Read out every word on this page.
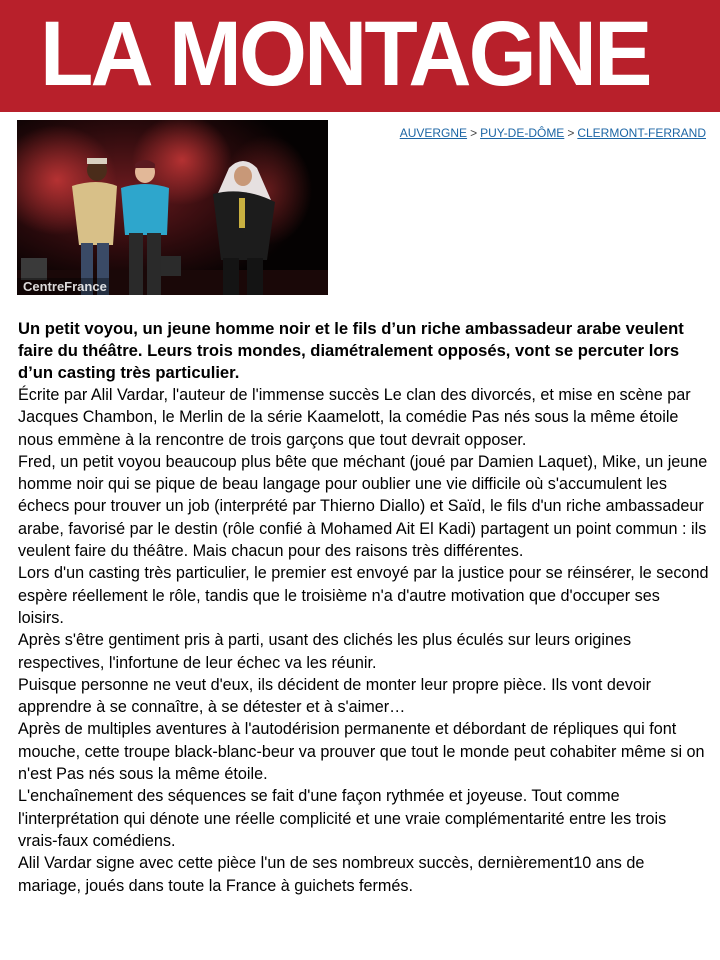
LA MONTAGNE
CentreFrance
AUVERGNE > PUY-DE-DÔME > CLERMONT-FERRAND

Un petit voyou, un jeune homme noir et le fils d’un riche ambassadeur arabe veulent faire du théâtre. Leurs trois mondes, diamétralement opposés, vont se percuter lors d’un casting très particulier.

Écrite par Alil Vardar, l'auteur de l'immense succès Le clan des divorcés, et mise en scène par Jacques Chambon, le Merlin de la série Kaamelott, la comédie Pas nés sous la même étoile nous emmène à la rencontre de trois garçons que tout devrait opposer.

Fred, un petit voyou beaucoup plus bête que méchant (joué par Damien Laquet), Mike, un jeune homme noir qui se pique de beau langage pour oublier une vie difficile où s'accumulent les échecs pour trouver un job (interprété par Thierno Diallo) et Saïd, le fils d'un riche ambassadeur arabe, favorisé par le destin (rôle confié à Mohamed Ait El Kadi) partagent un point commun : ils veulent faire du théâtre. Mais chacun pour des raisons très différentes.

Lors d'un casting très particulier, le premier est envoyé par la justice pour se réinsérer, le second espère réellement le rôle, tandis que le troisième n'a d'autre motivation que d'occuper ses loisirs.

Après s'être gentiment pris à parti, usant des clichés les plus éculés sur leurs origines respectives, l'infortune de leur échec va les réunir.

Puisque personne ne veut d'eux, ils décident de monter leur propre pièce. Ils vont devoir apprendre à se connaître, à se détester et à s'aimer…

Après de multiples aventures à l'autodérision permanente et débordant de répliques qui font mouche, cette troupe black-blanc-beur va prouver que tout le monde peut cohabiter même si on n'est Pas nés sous la même étoile.

L'enchaînement des séquences se fait d'une façon rythmée et joyeuse. Tout comme l'interprétation qui dénote une réelle complicité et une vraie complémentarité entre les trois vrais-faux comédiens.

Alil Vardar signe avec cette pièce l'un de ses nombreux succès, dernièrement10 ans de mariage, joués dans toute la France à guichets fermés.
